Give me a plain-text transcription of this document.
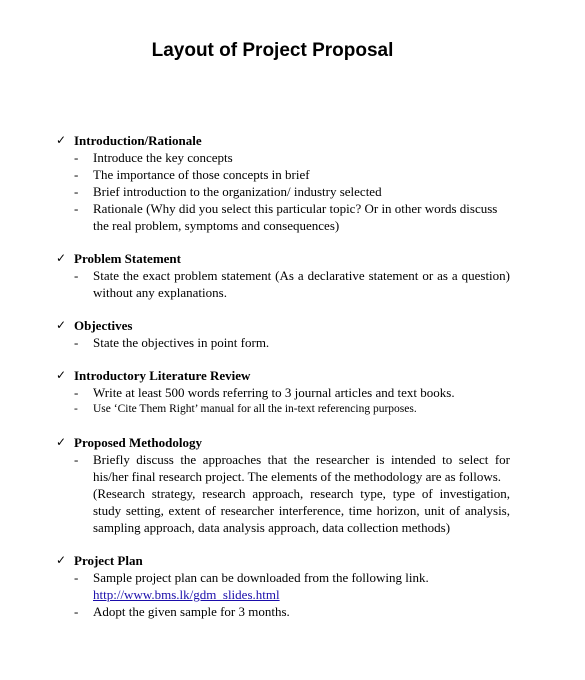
Layout of Project Proposal
✓ Introduction/Rationale
- Introduce the key concepts
- The importance of those concepts in brief
- Brief introduction to the organization/ industry selected
- Rationale (Why did you select this particular topic? Or in other words discuss the real problem, symptoms and consequences)
✓ Problem Statement
- State the exact problem statement (As a declarative statement or as a question) without any explanations.
✓ Objectives
- State the objectives in point form.
✓ Introductory Literature Review
- Write at least 500 words referring to 3 journal articles and text books.
- Use ‘Cite Them Right’ manual for all the in-text referencing purposes.
✓ Proposed Methodology
- Briefly discuss the approaches that the researcher is intended to select for his/her final research project. The elements of the methodology are as follows.
(Research strategy, research approach, research type, type of investigation, study setting, extent of researcher interference, time horizon, unit of analysis, sampling approach, data analysis approach, data collection methods)
✓ Project Plan
- Sample project plan can be downloaded from the following link.
http://www.bms.lk/gdm_slides.html
- Adopt the given sample for 3 months.
